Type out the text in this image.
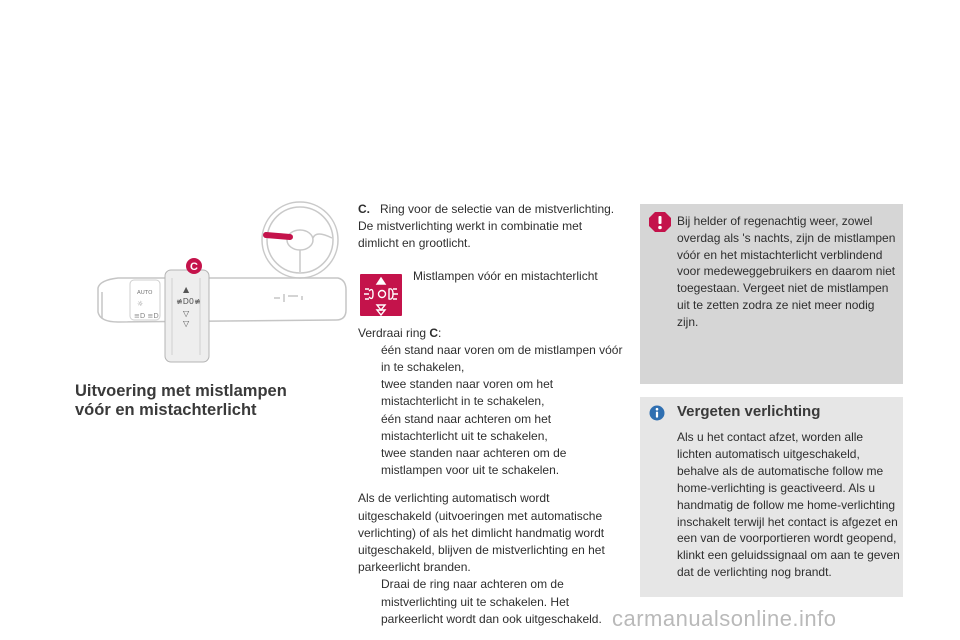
▲
≢D0≢
▽
▽
AUTO
☼
≡D ≡D
C
Uitvoering met mistlampen vóór en mistachterlicht

C. Ring voor de selectie van de mistverlichting. De mistverlichting werkt in combinatie met dimlicht en grootlicht.

Mistlampen vóór en mistachterlicht

Verdraai ring C:

één stand naar voren om de mistlampen vóór in te schakelen,
twee standen naar voren om het mistachterlicht in te schakelen,
één stand naar achteren om het mistachterlicht uit te schakelen,
twee standen naar achteren om de mistlampen voor uit te schakelen.

Als de verlichting automatisch wordt uitgeschakeld (uitvoeringen met automatische verlichting) of als het dimlicht handmatig wordt uitgeschakeld, blijven de mistverlichting en het parkeerlicht branden.

Draai de ring naar achteren om de mistverlichting uit te schakelen. Het parkeerlicht wordt dan ook uitgeschakeld.
Bij helder of regenachtig weer, zowel overdag als 's nachts, zijn de mistlampen vóór en het mistachterlicht verblindend voor medeweggebruikers en daarom niet toegestaan. Vergeet niet de mistlampen uit te zetten zodra ze niet meer nodig zijn.
Vergeten verlichting
Als u het contact afzet, worden alle lichten automatisch uitgeschakeld, behalve als de automatische follow me home-verlichting is geactiveerd. Als u handmatig de follow me home-verlichting inschakelt terwijl het contact is afgezet en een van de voorportieren wordt geopend, klinkt een geluidssignaal om aan te geven dat de verlichting nog brandt.
carmanualsonline.info
